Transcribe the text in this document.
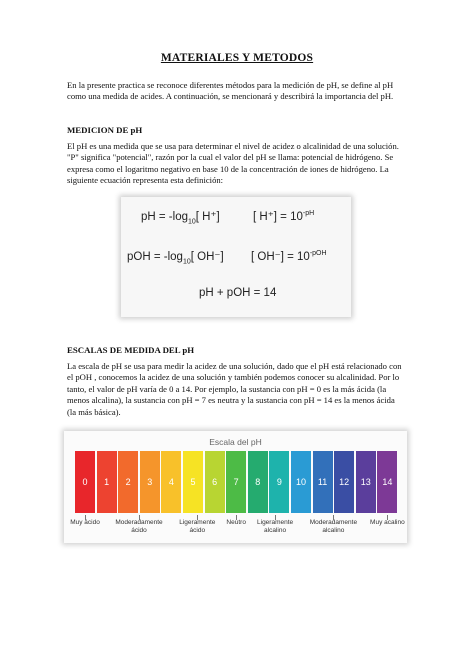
MATERIALES Y METODOS

En la presente practica se reconoce diferentes métodos para la medición de pH, se define al pH

como una medida de acides. A continuación, se mencionará y describirá la importancia del pH.

MEDICION DE pH

El pH es una medida que se usa para determinar el nivel de acidez o alcalinidad de una solución.

"P" significa "potencial", razón por la cual el valor del pH se llama: potencial de hidrógeno. Se

expresa como el logaritmo negativo en base 10 de la concentración de iones de hidrógeno. La

siguiente ecuación representa esta definición:

pH = $-\log_{10}$[ H⁺]	[ $H^+] = 10^{-pH}$
pOH = $-\log_{10}$[ OH⁻] [ $OH^-] = 10^{-pOH}$
pH + pOH = 14
ESCALAS DE MEDIDA DEL pH

La escala de pH se usa para medir la acidez de una solución, dado que el pH está relacionado con

el pOH , conocemos la acidez de una solución y también podemos conocer su alcalinidad. Por lo

tanto, el valor de pH varía de 0 a 14. Por ejemplo, la sustancia con pH = 0 es la más ácida (la

menos alcalina), la sustancia con pH = 7 es neutra y la sustancia con pH = 14 es la menos ácida

(la más básica).

Escala del pH
0 1 2 3 4 5 6 7 8 9 10 11 12 13 14
Muy ácido Moderadamente
ácido
Ligeramente
ácido
Neutro Ligeramente
alcalino
Moderadamente
alcalino
Muy acalino
